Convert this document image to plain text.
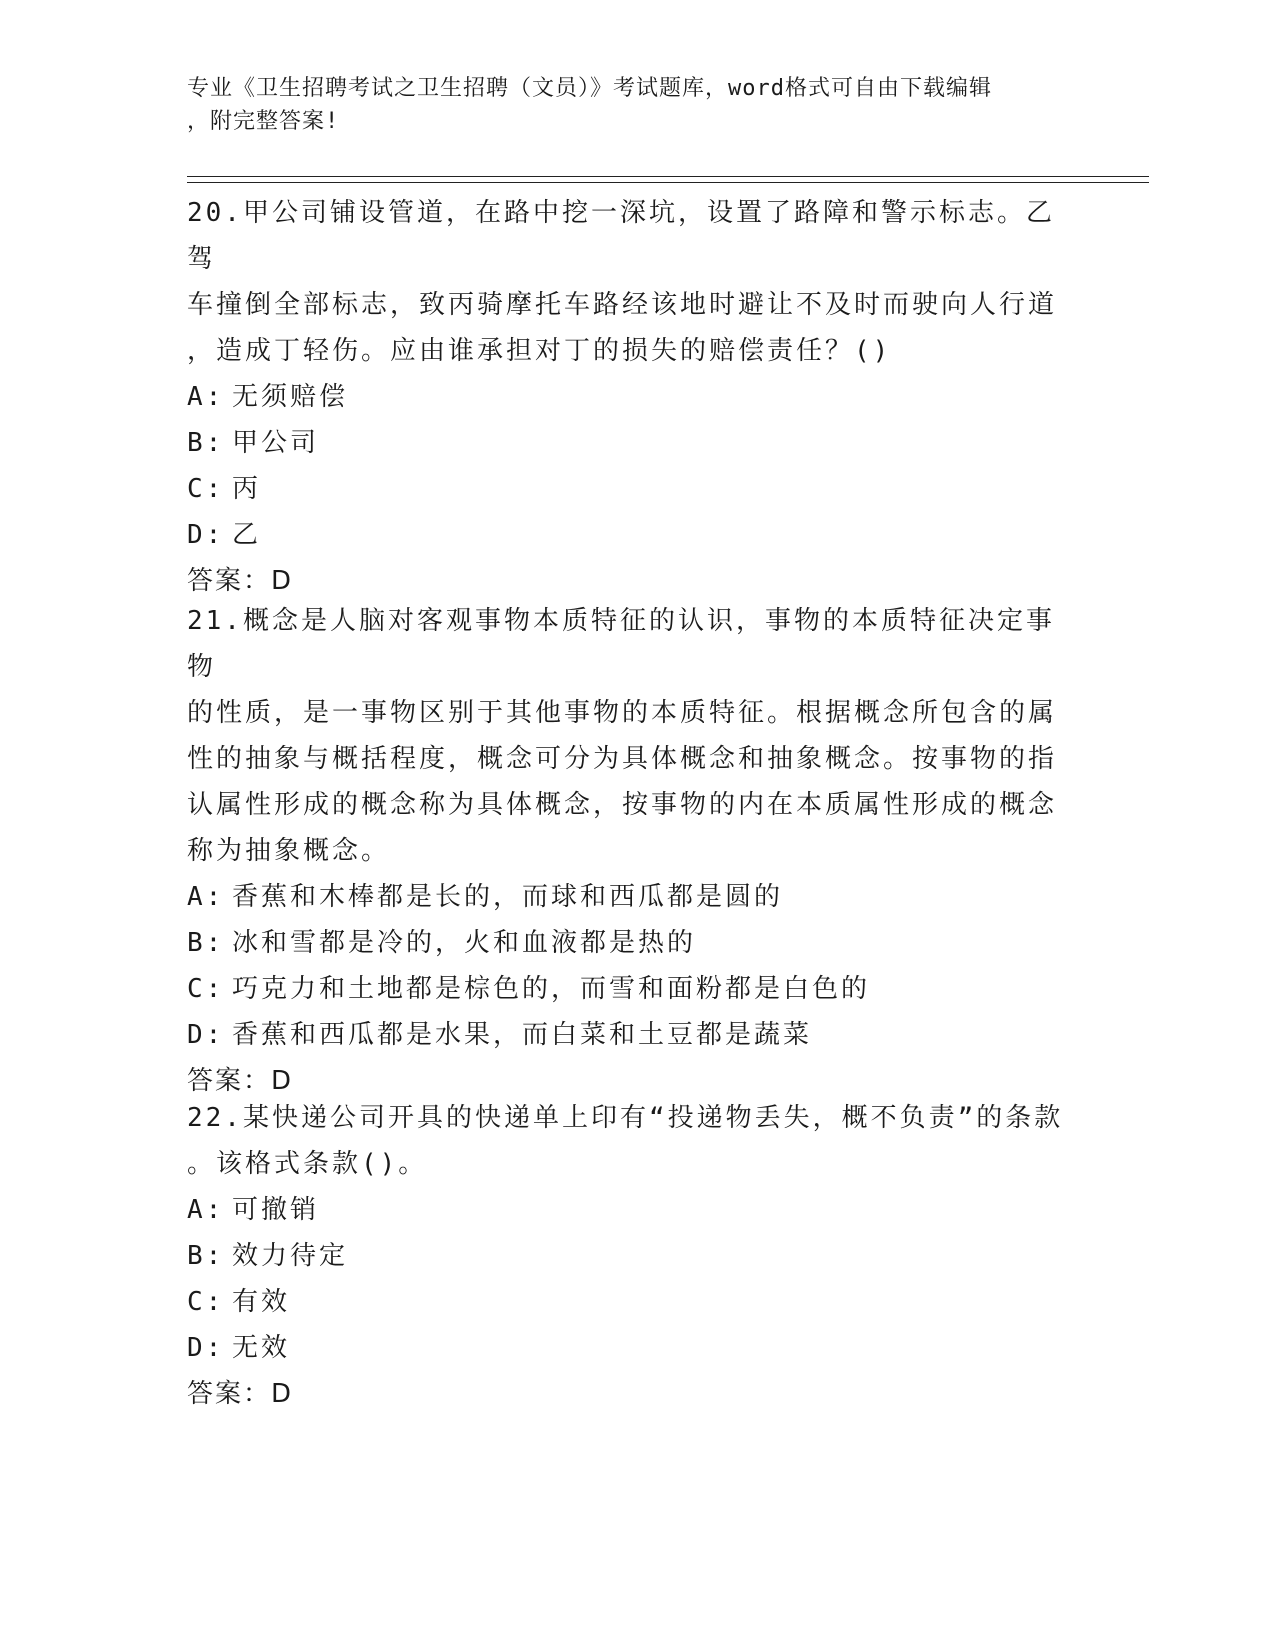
专业《卫生招聘考试之卫生招聘（文员）》考试题库，word格式可自由下载编辑
，附完整答案!
20.甲公司铺设管道，在路中挖一深坑，设置了路障和警示标志。乙驾
车撞倒全部标志，致丙骑摩托车路经该地时避让不及时而驶向人行道
，造成丁轻伤。应由谁承担对丁的损失的赔偿责任？()
A: 无须赔偿
B: 甲公司
C: 丙
D: 乙
答案：D
21.概念是人脑对客观事物本质特征的认识，事物的本质特征决定事物
的性质，是一事物区别于其他事物的本质特征。根据概念所包含的属
性的抽象与概括程度，概念可分为具体概念和抽象概念。按事物的指
认属性形成的概念称为具体概念，按事物的内在本质属性形成的概念
称为抽象概念。
A: 香蕉和木棒都是长的，而球和西瓜都是圆的
B: 冰和雪都是冷的，火和血液都是热的
C: 巧克力和土地都是棕色的，而雪和面粉都是白色的
D: 香蕉和西瓜都是水果，而白菜和土豆都是蔬菜
答案：D
22.某快递公司开具的快递单上印有“投递物丢失，概不负责”的条款
。该格式条款()。
A: 可撤销
B: 效力待定
C: 有效
D: 无效
答案：D
